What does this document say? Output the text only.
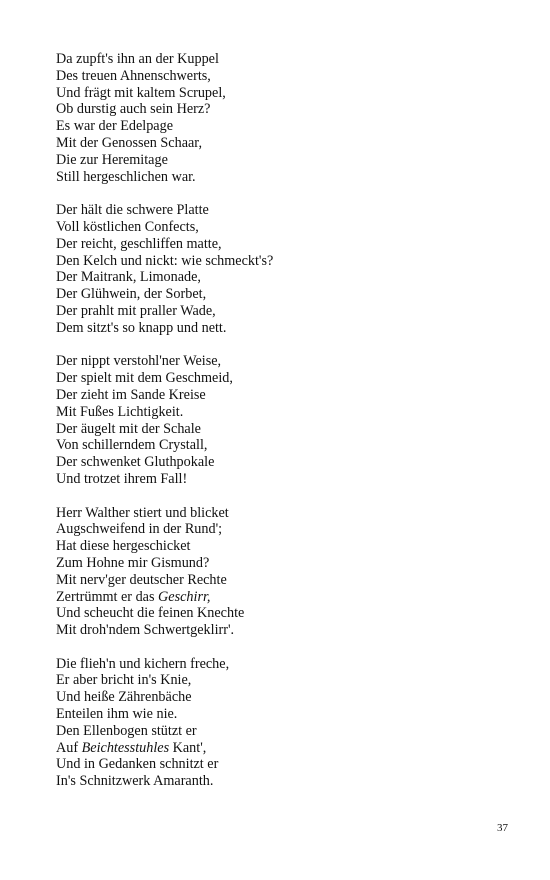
Da zupft's ihn an der Kuppel
Des treuen Ahnenschwerts,
Und frägt mit kaltem Scrupel,
Ob durstig auch sein Herz?
Es war der Edelpage
Mit der Genossen Schaar,
Die zur Heremitage
Still hergeschlichen war.
Der hält die schwere Platte
Voll köstlichen Confects,
Der reicht, geschliffen matte,
Den Kelch und nickt: wie schmeckt's?
Der Maitrank, Limonade,
Der Glühwein, der Sorbet,
Der prahlt mit praller Wade,
Dem sitzt's so knapp und nett.
Der nippt verstohl'ner Weise,
Der spielt mit dem Geschmeid,
Der zieht im Sande Kreise
Mit Fußes Lichtigkeit.
Der äugelt mit der Schale
Von schillerndem Crystall,
Der schwenket Gluthpokale
Und trotzet ihrem Fall!
Herr Walther stiert und blicket
Augschweifend in der Rund';
Hat diese hergeschicket
Zum Hohne mir Gismund?
Mit nerv'ger deutscher Rechte
Zertrümmt er das Geschirr,
Und scheucht die feinen Knechte
Mit droh'ndem Schwertgeklirr'.
Die flieh'n und kichern freche,
Er aber bricht in's Knie,
Und heiße Zährenbäche
Enteilen ihm wie nie.
Den Ellenbogen stützt er
Auf Beichtesstuhles Kant',
Und in Gedanken schnitzt er
In's Schnitzwerk Amaranth.
37
